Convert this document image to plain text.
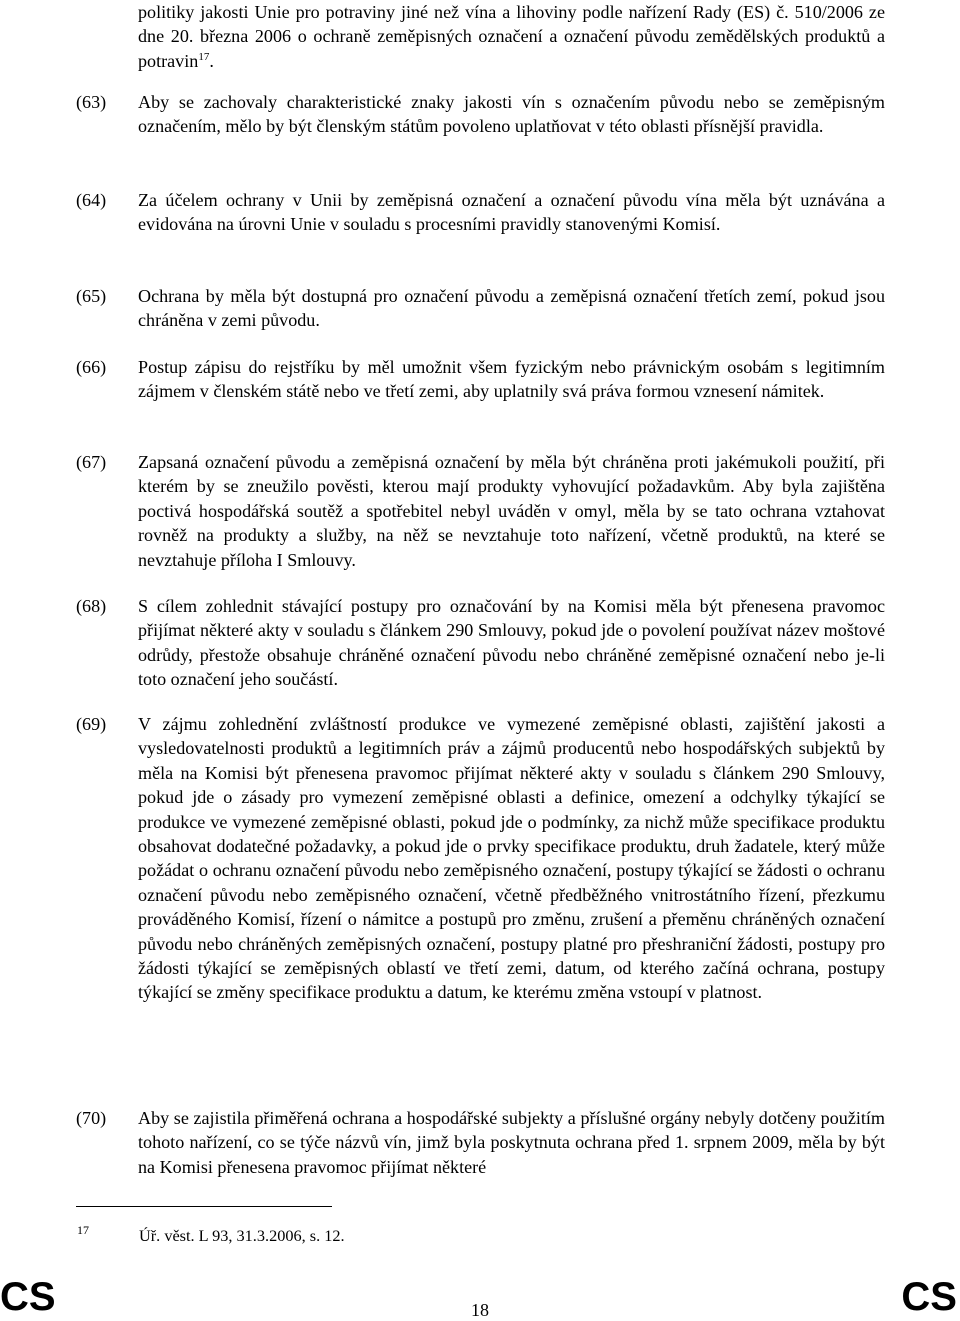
politiky jakosti Unie pro potraviny jiné než vína a lihoviny podle nařízení Rady (ES) č. 510/2006 ze dne 20. března 2006 o ochraně zeměpisných označení a označení původu zemědělských produktů a potravin$^{17}$.

(63) Aby se zachovaly charakteristické znaky jakosti vín s označením původu nebo se zeměpisným označením, mělo by být členským státům povoleno uplatňovat v této oblasti přísnější pravidla.

(64) Za účelem ochrany v Unii by zeměpisná označení a označení původu vína měla být uznávána a evidována na úrovni Unie v souladu s procesními pravidly stanovenými Komisí.

(65) Ochrana by měla být dostupná pro označení původu a zeměpisná označení třetích zemí, pokud jsou chráněna v zemi původu.

(66) Postup zápisu do rejstříku by měl umožnit všem fyzickým nebo právnickým osobám s legitimním zájmem v členském státě nebo ve třetí zemi, aby uplatnily svá práva formou vznesení námitek.

(67) Zapsaná označení původu a zeměpisná označení by měla být chráněna proti jakémukoli použití, při kterém by se zneužilo pověsti, kterou mají produkty vyhovující požadavkům. Aby byla zajištěna poctivá hospodářská soutěž a spotřebitel nebyl uváděn v omyl, měla by se tato ochrana vztahovat rovněž na produkty a služby, na něž se nevztahuje toto nařízení, včetně produktů, na které se nevztahuje příloha I Smlouvy.

(68) S cílem zohlednit stávající postupy pro označování by na Komisi měla být přenesena pravomoc přijímat některé akty v souladu s článkem 290 Smlouvy, pokud jde o povolení používat název moštové odrůdy, přestože obsahuje chráněné označení původu nebo chráněné zeměpisné označení nebo je-li toto označení jeho součástí.

(69) V zájmu zohlednění zvláštností produkce ve vymezené zeměpisné oblasti, zajištění jakosti a vysledovatelnosti produktů a legitimních práv a zájmů producentů nebo hospodářských subjektů by měla na Komisi být přenesena pravomoc přijímat některé akty v souladu s článkem 290 Smlouvy, pokud jde o zásady pro vymezení zeměpisné oblasti a definice, omezení a odchylky týkající se produkce ve vymezené zeměpisné oblasti, pokud jde o podmínky, za nichž může specifikace produktu obsahovat dodatečné požadavky, a pokud jde o prvky specifikace produktu, druh žadatele, který může požádat o ochranu označení původu nebo zeměpisného označení, postupy týkající se žádosti o ochranu označení původu nebo zeměpisného označení, včetně předběžného vnitrostátního řízení, přezkumu prováděného Komisí, řízení o námitce a postupů pro změnu, zrušení a přeměnu chráněných označení původu nebo chráněných zeměpisných označení, postupy platné pro přeshraniční žádosti, postupy pro žádosti týkající se zeměpisných oblastí ve třetí zemi, datum, od kterého začíná ochrana, postupy týkající se změny specifikace produktu a datum, ke kterému změna vstoupí v platnost.

(70) Aby se zajistila přiměřená ochrana a hospodářské subjekty a příslušné orgány nebyly dotčeny použitím tohoto nařízení, co se týče názvů vín, jimž byla poskytnuta ochrana před 1. srpnem 2009, měla by být na Komisi přenesena pravomoc přijímat některé

17	Úř. věst. L 93, 31.3.2006, s. 12.
CS	18	CS
